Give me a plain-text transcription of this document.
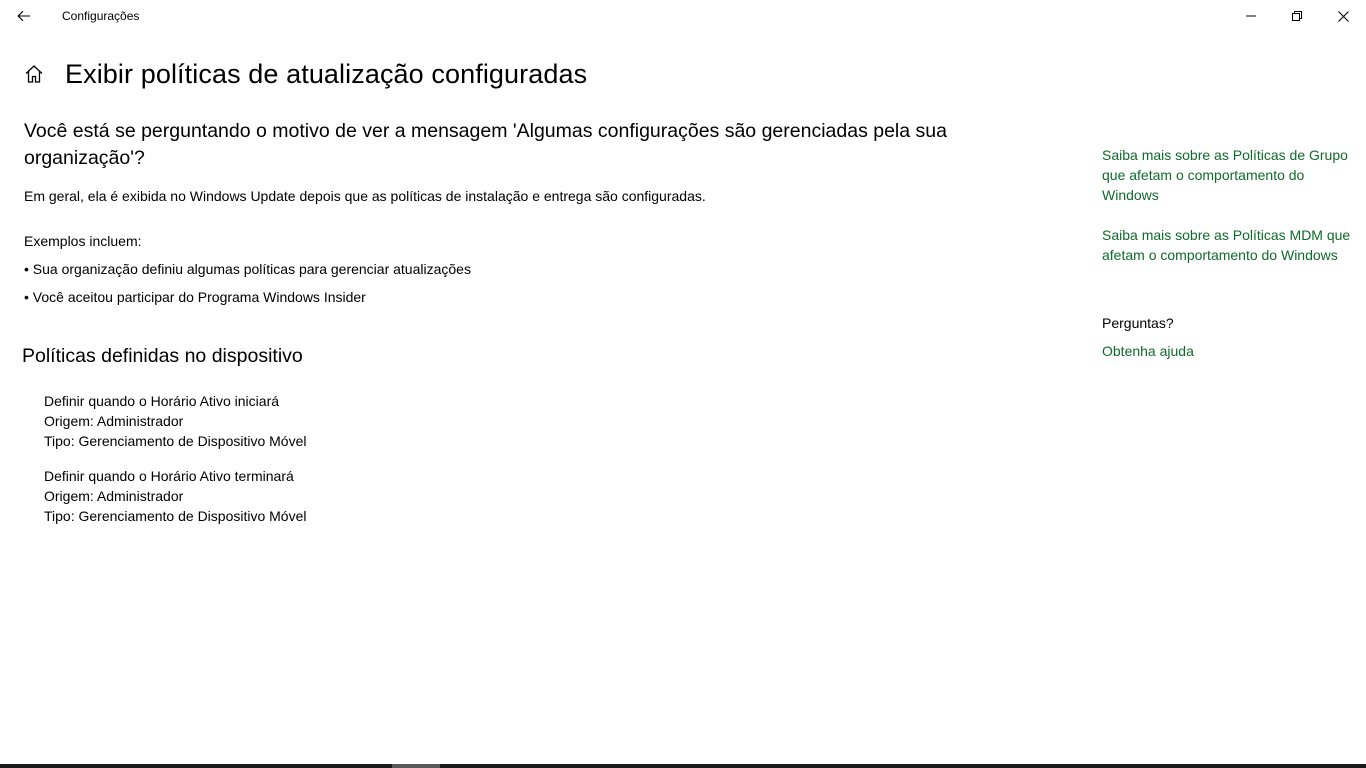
Configurações
Exibir políticas de atualização configuradas
Você está se perguntando o motivo de ver a mensagem 'Algumas configurações são gerenciadas pela sua organização'?
Em geral, ela é exibida no Windows Update depois que as políticas de instalação e entrega são configuradas.
Exemplos incluem:
• Sua organização definiu algumas políticas para gerenciar atualizações
• Você aceitou participar do Programa Windows Insider
Políticas definidas no dispositivo
Definir quando o Horário Ativo iniciará
Origem: Administrador
Tipo: Gerenciamento de Dispositivo Móvel
Definir quando o Horário Ativo terminará
Origem: Administrador
Tipo: Gerenciamento de Dispositivo Móvel
Saiba mais sobre as Políticas de Grupo que afetam o comportamento do Windows
Saiba mais sobre as Políticas MDM que afetam o comportamento do Windows
Perguntas?
Obtenha ajuda
